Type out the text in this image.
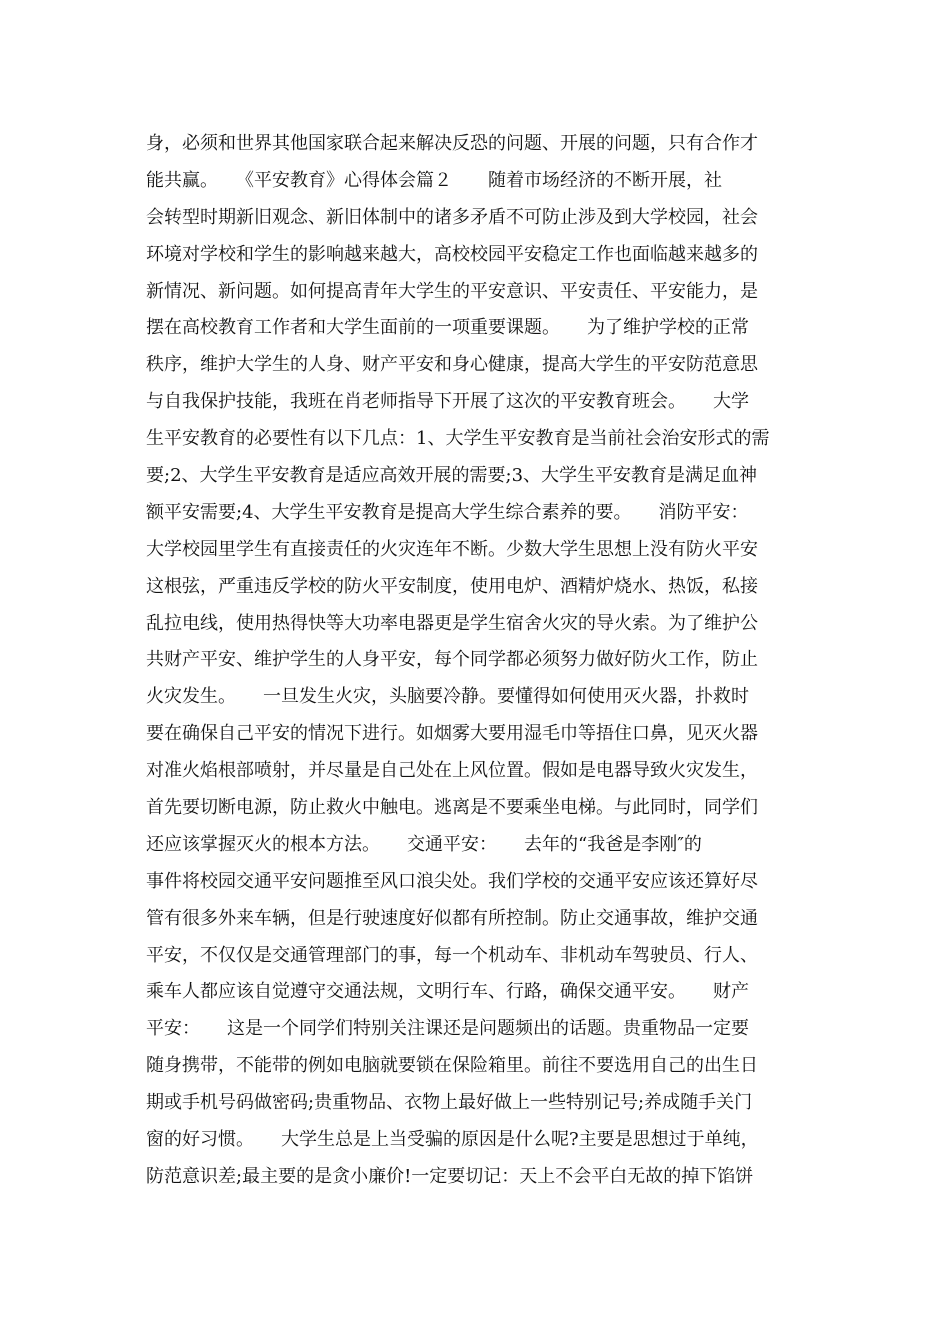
身，必须和世界其他国家联合起来解决反恐的问题、开展的问题，只有合作才
能共赢。　　《平安教育》心得体会篇２　　随着市场经济的不断开展，社
会转型时期新旧观念、新旧体制中的诸多矛盾不可防止涉及到大学校园，社会
环境对学校和学生的影响越来越大，高校校园平安稳定工作也面临越来越多的
新情况、新问题。如何提高青年大学生的平安意识、平安责任、平安能力，是
摆在高校教育工作者和大学生面前的一项重要课题。　　为了维护学校的正常
秩序，维护大学生的人身、财产平安和身心健康，提高大学生的平安防范意思
与自我保护技能，我班在肖老师指导下开展了这次的平安教育班会。　　大学
生平安教育的必要性有以下几点：1、大学生平安教育是当前社会治安形式的需
要;2、大学生平安教育是适应高效开展的需要;3、大学生平安教育是满足血神
额平安需要;4、大学生平安教育是提高大学生综合素养的要。　　消防平安：
大学校园里学生有直接责任的火灾连年不断。少数大学生思想上没有防火平安
这根弦，严重违反学校的防火平安制度，使用电炉、酒精炉烧水、热饭，私接
乱拉电线，使用热得快等大功率电器更是学生宿舍火灾的导火索。为了维护公
共财产平安、维护学生的人身平安，每个同学都必须努力做好防火工作，防止
火灾发生。　　一旦发生火灾，头脑要冷静。要懂得如何使用灭火器，扑救时
要在确保自己平安的情况下进行。如烟雾大要用湿毛巾等捂住口鼻，见灭火器
对准火焰根部喷射，并尽量是自己处在上风位置。假如是电器导致火灾发生，
首先要切断电源，防止救火中触电。逃离是不要乘坐电梯。与此同时，同学们
还应该掌握灭火的根本方法。　　交通平安：　　去年的“我爸是李刚″的
事件将校园交通平安问题推至风口浪尖处。我们学校的交通平安应该还算好尽
管有很多外来车辆，但是行驶速度好似都有所控制。防止交通事故，维护交通
平安，不仅仅是交通管理部门的事，每一个机动车、非机动车驾驶员、行人、
乘车人都应该自觉遵守交通法规，文明行车、行路，确保交通平安。　　财产
平安：　　这是一个同学们特别关注课还是问题频出的话题。贵重物品一定要
随身携带，不能带的例如电脑就要锁在保险箱里。前往不要选用自己的出生日
期或手机号码做密码;贵重物品、衣物上最好做上一些特别记号;养成随手关门
窗的好习惯。　　大学生总是上当受骗的原因是什么呢?主要是思想过于单纯，
防范意识差;最主要的是贪小廉价!一定要切记：天上不会平白无故的掉下馅饼
